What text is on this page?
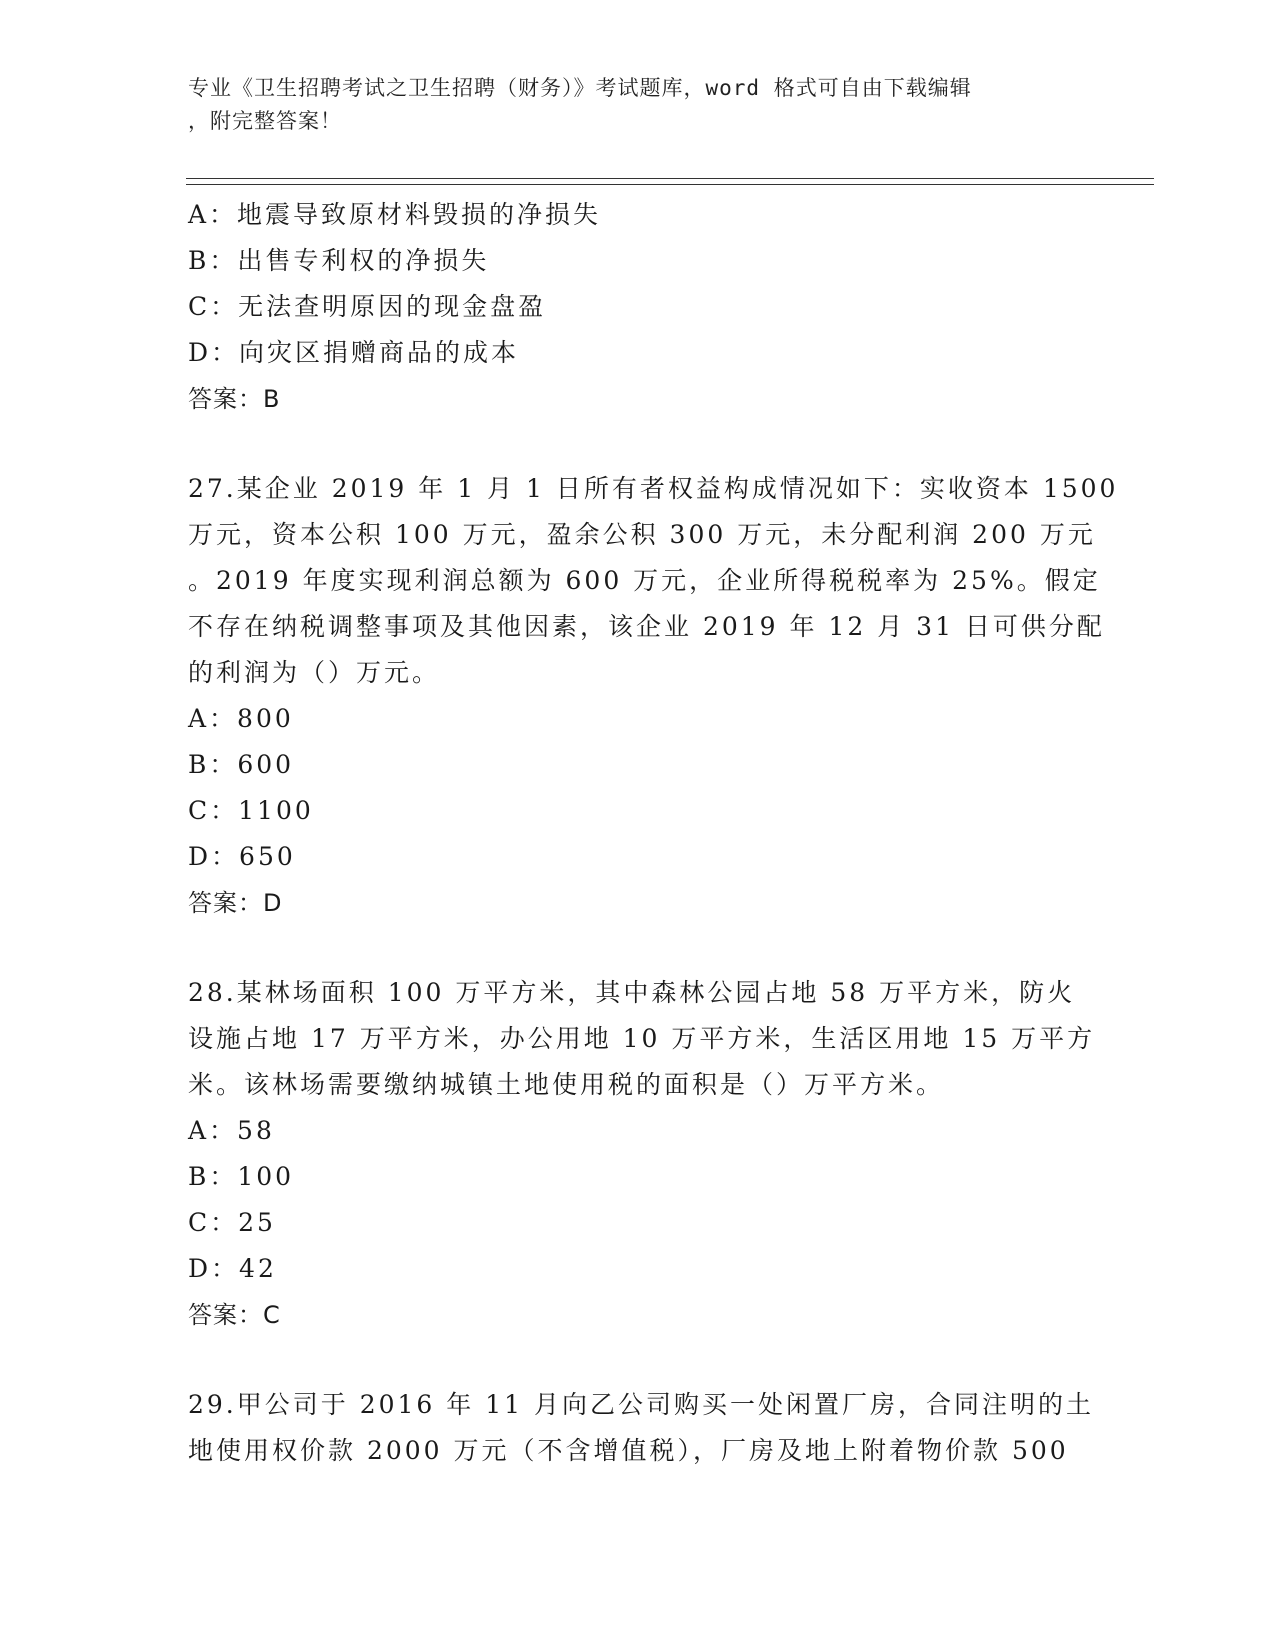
专业《卫生招聘考试之卫生招聘（财务）》考试题库，word 格式可自由下载编辑
，附完整答案！
A：地震导致原材料毁损的净损失
B：出售专利权的净损失
C：无法查明原因的现金盘盈
D：向灾区捐赠商品的成本
答案：B
27.某企业 2019 年 1 月 1 日所有者权益构成情况如下：实收资本 1500
万元，资本公积 100 万元，盈余公积 300 万元，未分配利润 200 万元
。2019 年度实现利润总额为 600 万元，企业所得税税率为 25%。假定
不存在纳税调整事项及其他因素，该企业 2019 年 12 月 31 日可供分配
的利润为（）万元。
A：800
B：600
C：1100
D：650
答案：D
28.某林场面积 100 万平方米，其中森林公园占地 58 万平方米，防火
设施占地 17 万平方米，办公用地 10 万平方米，生活区用地 15 万平方
米。该林场需要缴纳城镇土地使用税的面积是（）万平方米。
A：58
B：100
C：25
D：42
答案：C
29.甲公司于 2016 年 11 月向乙公司购买一处闲置厂房，合同注明的土
地使用权价款 2000 万元（不含增值税），厂房及地上附着物价款 500
